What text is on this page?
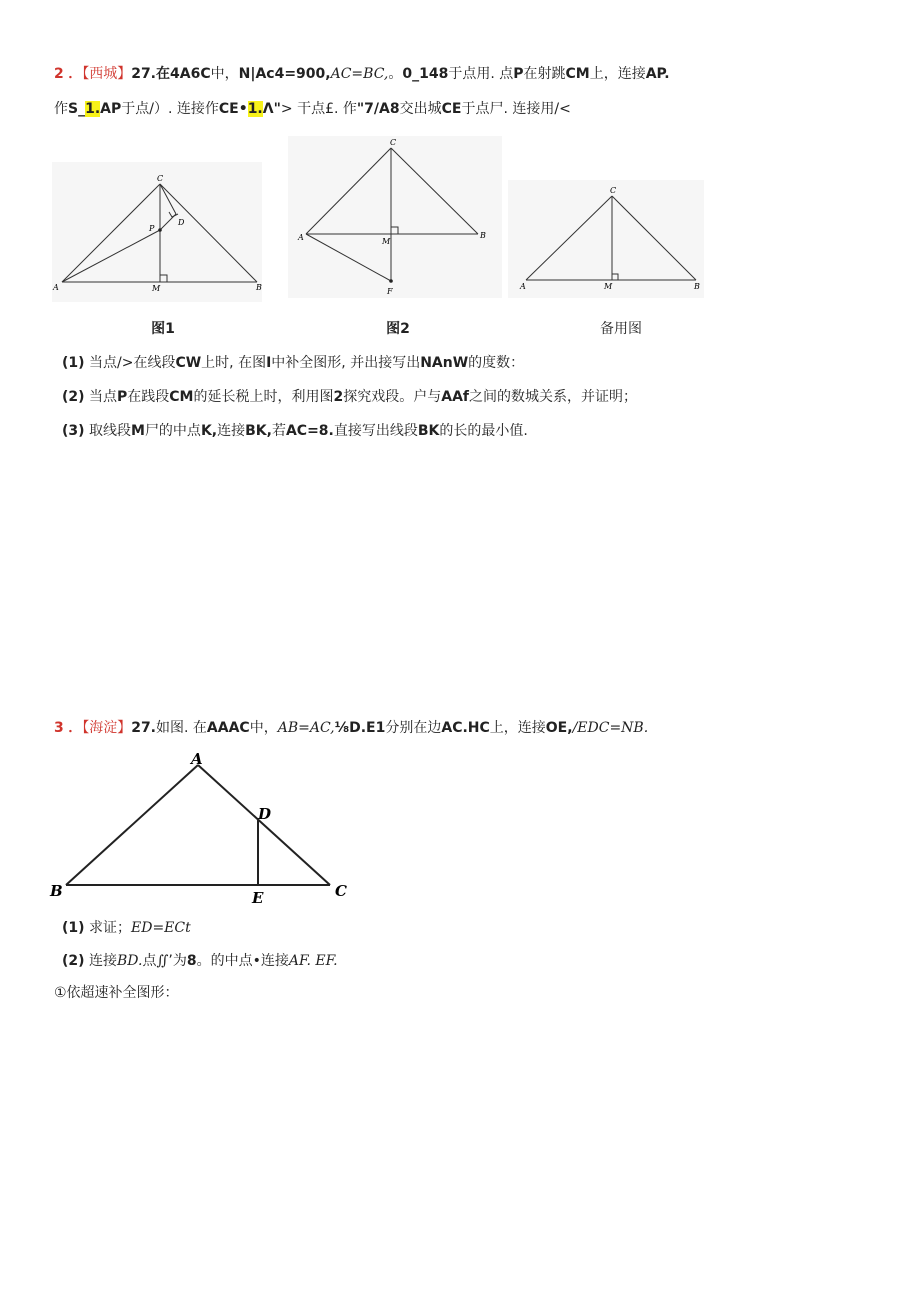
2 ．【西城】27.在4A6C中，N|Ac4=900,AC=BC,。0_148于点用. 点P在射跳CM上，连接AP.
作S_1.AP于点/）. 连接作CE•1.Λ"> 干点£. 作"7/A8交出城CE于点尸. 连接用/<
C
D
P
A	M	B
C
A	M
B
F
C
A	M	B
图1	图2	备用图
(1) 当点/>在线段CW上时, 在图I中补全图形, 并出接写出NAnW的度数：
(2) 当点P在践段CM的延长税上时，利用图2探究戏段。户与AAf之间的数城关系，并证明；
(3) 取线段M尸的中点K,连接BK,若AC=8.直接写出线段BK的长的最小值.
3 ．【海淀】27.如图. 在AAAC中，AB=AC,⅛D.E1分别在边AC.HC上，连接OE,/EDC=NB.
A
D
B	E	C
(1) 求证；ED=ECt
(2) 连接BD.点∬’为8。的中点•连接AF. EF.
①依超速补全图形：
